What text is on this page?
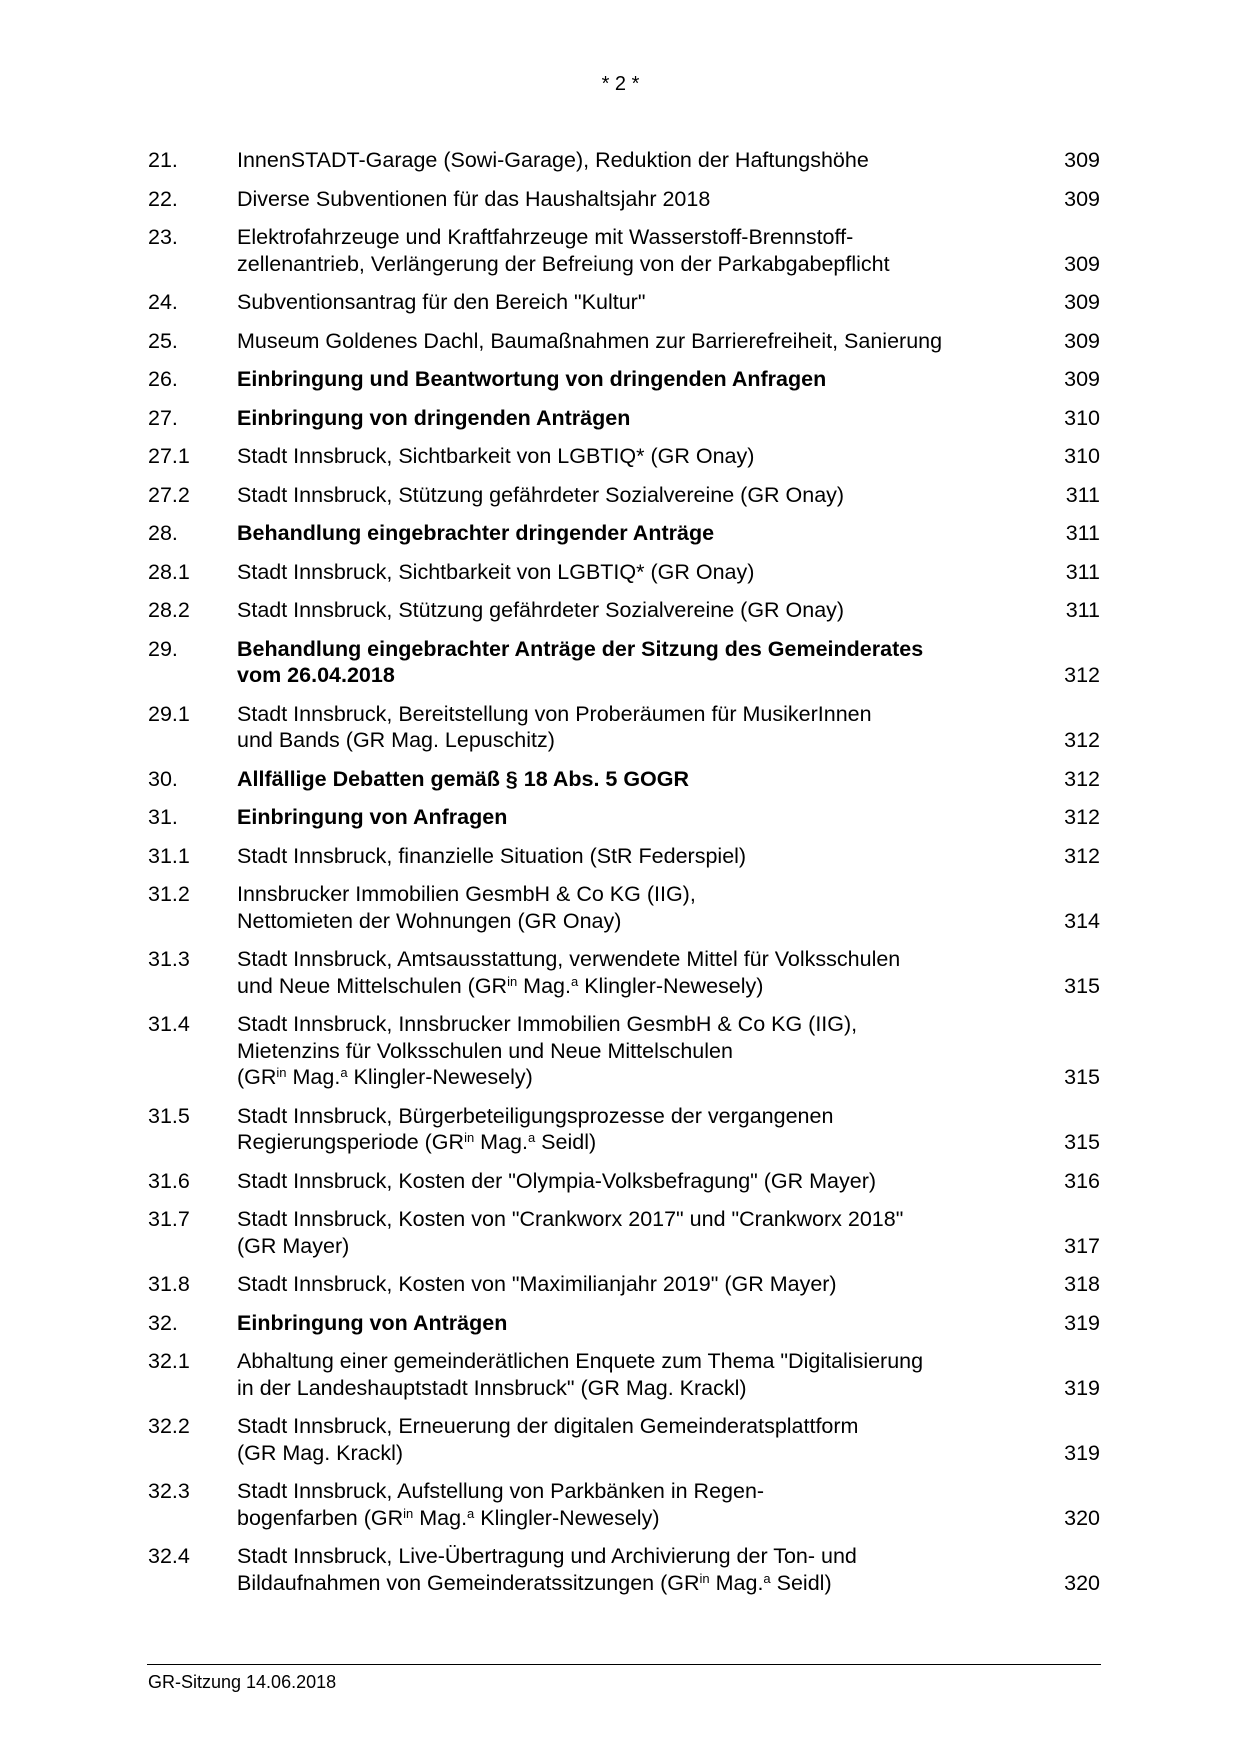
* 2 *
21.	InnenSTADT-Garage (Sowi-Garage), Reduktion der Haftungshöhe	309
22.	Diverse Subventionen für das Haushaltsjahr 2018	309
23.	Elektrofahrzeuge und Kraftfahrzeuge mit Wasserstoff-Brennstoff-
zellenantrieb, Verlängerung der Befreiung von der Parkabgabepflicht	309
24.	Subventionsantrag für den Bereich "Kultur"	309
25.	Museum Goldenes Dachl, Baumaßnahmen zur Barrierefreiheit, Sanierung	309
26.	Einbringung und Beantwortung von dringenden Anfragen	309
27.	Einbringung von dringenden Anträgen	310
27.1	Stadt Innsbruck, Sichtbarkeit von LGBTIQ* (GR Onay)	310
27.2	Stadt Innsbruck, Stützung gefährdeter Sozialvereine (GR Onay)	311
28.	Behandlung eingebrachter dringender Anträge	311
28.1	Stadt Innsbruck, Sichtbarkeit von LGBTIQ* (GR Onay)	311
28.2	Stadt Innsbruck, Stützung gefährdeter Sozialvereine (GR Onay)	311
29.	Behandlung eingebrachter Anträge der Sitzung des Gemeinderates
vom 26.04.2018	312
29.1	Stadt Innsbruck, Bereitstellung von Proberäumen für MusikerInnen
und Bands (GR Mag. Lepuschitz)	312
30.	Allfällige Debatten gemäß § 18 Abs. 5 GOGR	312
31.	Einbringung von Anfragen	312
31.1	Stadt Innsbruck, finanzielle Situation (StR Federspiel)	312
31.2	Innsbrucker Immobilien GesmbH & Co KG (IIG),
Nettomieten der Wohnungen (GR Onay)	314
31.3	Stadt Innsbruck, Amtsausstattung, verwendete Mittel für Volksschulen
und Neue Mittelschulen ($GR^{in}$ Mag.$^a$ Klingler-Newesely)	315
31.4	Stadt Innsbruck, Innsbrucker Immobilien GesmbH & Co KG (IIG),
Mietenzins für Volksschulen und Neue Mittelschulen
($GR^{in}$ Mag.$^a$ Klingler-Newesely)	315
31.5	Stadt Innsbruck, Bürgerbeteiligungsprozesse der vergangenen
Regierungsperiode ($GR^{in}$ Mag.$^a$ Seidl)	315
31.6	Stadt Innsbruck, Kosten der "Olympia-Volksbefragung" (GR Mayer)	316
31.7	Stadt Innsbruck, Kosten von "Crankworx 2017" und "Crankworx 2018"
(GR Mayer)	317
31.8	Stadt Innsbruck, Kosten von "Maximilianjahr 2019" (GR Mayer)	318
32.	Einbringung von Anträgen	319
32.1	Abhaltung einer gemeinderätlichen Enquete zum Thema "Digitalisierung
in der Landeshauptstadt Innsbruck" (GR Mag. Krackl)	319
32.2	Stadt Innsbruck, Erneuerung der digitalen Gemeinderatsplattform
(GR Mag. Krackl)	319
32.3	Stadt Innsbruck, Aufstellung von Parkbänken in Regen-
bogenfarben ($GR^{in}$ Mag.$^a$ Klingler-Newesely)	320
32.4	Stadt Innsbruck, Live-Übertragung und Archivierung der Ton- und
Bildaufnahmen von Gemeinderatssitzungen ($GR^{in}$ Mag.$^a$ Seidl)	320
GR-Sitzung 14.06.2018
